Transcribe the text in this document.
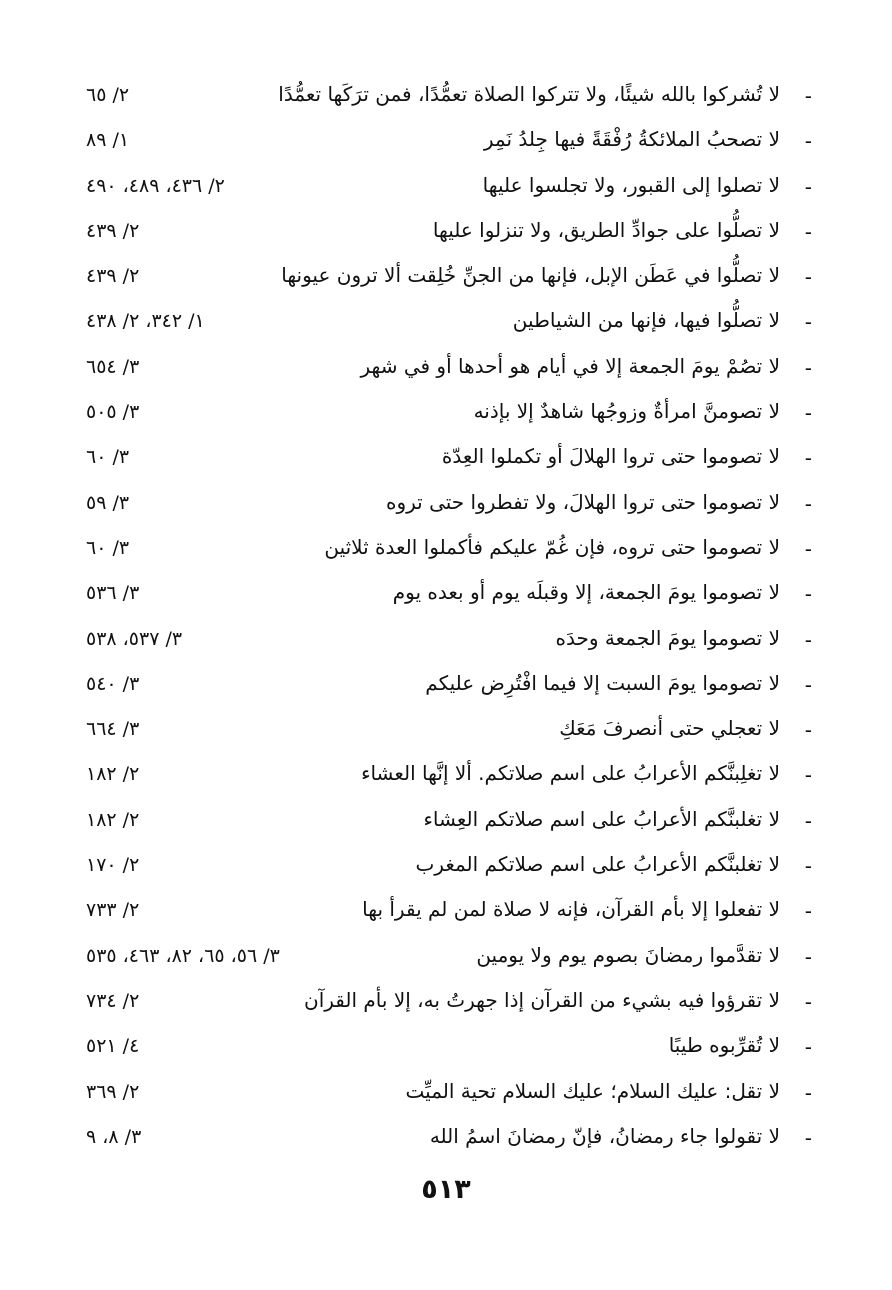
-
لا تُشركوا بالله شيئًا، ولا تتركوا الصلاة تعمُّدًا، فمن ترَكَها تعمُّدًا
٢/ ٦٥
-
لا تصحبُ الملائكةُ رُفْقَةً فيها جِلدُ نَمِر
١/ ٨٩
-
لا تصلوا إلى القبور، ولا تجلسوا عليها
٢/ ٤٣٦، ٤٨٩، ٤٩٠
-
لا تصلُّوا على جوادِّ الطريق، ولا تنزلوا عليها
٢/ ٤٣٩
-
لا تصلُّوا في عَطَن الإبل، فإنها من الجنِّ خُلِقت ألا ترون عيونها
٢/ ٤٣٩
-
لا تصلُّوا فيها، فإنها من الشياطين
١/ ٣٤٢، ٢/ ٤٣٨
-
لا تصُمْ يومَ الجمعة إلا في أيام هو أحدها أو في شهر
٣/ ٦٥٤
-
لا تصومنَّ امرأةٌ وزوجُها شاهدٌ إلا بإذنه
٣/ ٥٠٥
-
لا تصوموا حتى تروا الهلالَ أو تكملوا العِدّة
٣/ ٦٠
-
لا تصوموا حتى تروا الهلالَ، ولا تفطروا حتى تروه
٣/ ٥٩
-
لا تصوموا حتى تروه، فإن غُمّ عليكم فأكملوا العدة ثلاثين
٣/ ٦٠
-
لا تصوموا يومَ الجمعة، إلا وقبلَه يوم أو بعده يوم
٣/ ٥٣٦
-
لا تصوموا يومَ الجمعة وحدَه
٣/ ٥٣٧، ٥٣٨
-
لا تصوموا يومَ السبت إلا فيما افْتُرِض عليكم
٣/ ٥٤٠
-
لا تعجلي حتى أنصرفَ مَعَكِ
٣/ ٦٦٤
-
لا تغلِبنَّكم الأعرابُ على اسم صلاتكم. ألا إنَّها العشاء
٢/ ١٨٢
-
لا تغلبنَّكم الأعرابُ على اسم صلاتكم العِشاء
٢/ ١٨٢
-
لا تغلبنَّكم الأعرابُ على اسم صلاتكم المغرب
٢/ ١٧٠
-
لا تفعلوا إلا بأم القرآن، فإنه لا صلاة لمن لم يقرأ بها
٢/ ٧٣٣
-
لا تقدَّموا رمضانَ بصوم يوم ولا يومين
٣/ ٥٦، ٦٥، ٨٢، ٤٦٣، ٥٣٥
-
لا تقرؤوا فيه بشيء من القرآن إذا جهرتُ به، إلا بأم القرآن
٢/ ٧٣٤
-
لا تُقرِّبوه طيبًا
٤/ ٥٢١
-
لا تقل: عليك السلام؛ عليك السلام تحية الميِّت
٢/ ٣٦٩
-
لا تقولوا جاء رمضانُ، فإنّ رمضانَ اسمُ الله
٣/ ٨، ٩
٥١٣
